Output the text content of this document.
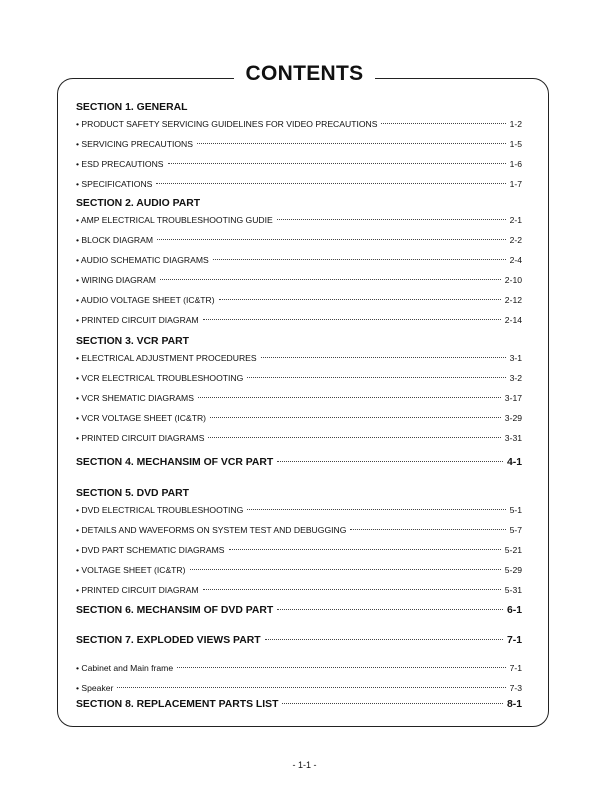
CONTENTS
SECTION 1. GENERAL
• PRODUCT SAFETY SERVICING GUIDELINES FOR VIDEO PRECAUTIONS	1-2
• SERVICING PRECAUTIONS	1-5
• ESD PRECAUTIONS	1-6
• SPECIFICATIONS	1-7
SECTION 2. AUDIO PART
• AMP ELECTRICAL TROUBLESHOOTING GUDIE	2-1
• BLOCK DIAGRAM	2-2
• AUDIO SCHEMATIC DIAGRAMS	2-4
• WIRING DIAGRAM	2-10
• AUDIO VOLTAGE SHEET (IC&TR)	2-12
• PRINTED CIRCUIT DIAGRAM	2-14
SECTION 3. VCR PART
• ELECTRICAL ADJUSTMENT PROCEDURES	3-1
• VCR ELECTRICAL TROUBLESHOOTING	3-2
• VCR SHEMATIC DIAGRAMS	3-17
• VCR VOLTAGE SHEET (IC&TR)	3-29
• PRINTED CIRCUIT DIAGRAMS	3-31
SECTION 4. MECHANSIM OF VCR PART	4-1
SECTION 5. DVD PART
• DVD ELECTRICAL TROUBLESHOOTING	5-1
• DETAILS AND WAVEFORMS ON SYSTEM TEST AND DEBUGGING	5-7
• DVD PART SCHEMATIC DIAGRAMS	5-21
• VOLTAGE SHEET (IC&TR)	5-29
• PRINTED CIRCUIT DIAGRAM	5-31
SECTION 6. MECHANSIM OF DVD PART	6-1
SECTION 7. EXPLODED VIEWS PART	7-1
• Cabinet and Main frame	7-1
• Speaker	7-3
SECTION 8. REPLACEMENT PARTS LIST	8-1
- 1-1 -
